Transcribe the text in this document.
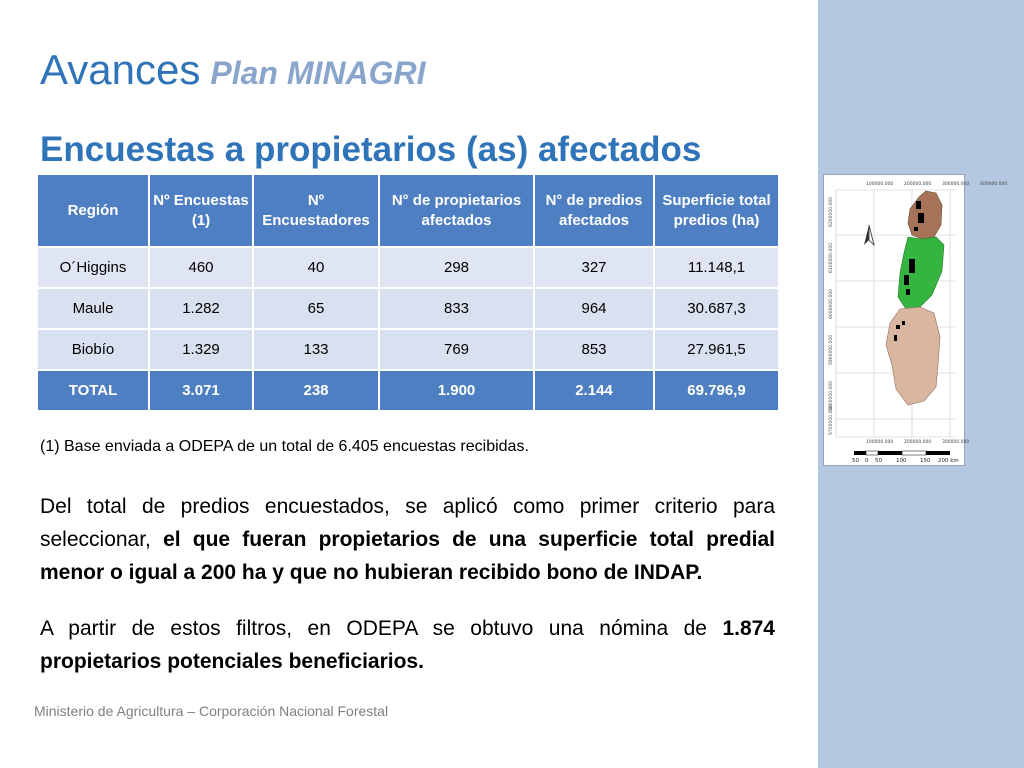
Avances Plan MINAGRI
Encuestas a propietarios (as) afectados
Región	Nº Encuestas (1)	Nº Encuestadores	N° de propietarios afectados	N° de predios afectados	Superficie total predios (ha)
O´Higgins	460	40	298	327	11.148,1
Maule	1.282	65	833	964	30.687,3
Biobío	1.329	133	769	853	27.961,5
TOTAL	3.071	238	1.900	2.144	69.796,9
(1) Base enviada a ODEPA de un total de 6.405 encuestas recibidas.

Del total de predios encuestados, se aplicó como primer criterio para seleccionar, el que fueran propietarios de una superficie total predial menor o igual a 200 ha y que no hubieran recibido bono de INDAP.

A partir de estos filtros, en ODEPA se obtuvo una nómina de 1.874 propietarios potenciales beneficiarios.

Ministerio de Agricultura – Corporación Nacional Forestal
100000.000 200000.000 300000.000 400000.000
100000.000 200000.000 300000.000
6200000.000
6100000.000
6000000.000
5900000.000
5800000.000
5700000.000
50 0 50	100 150 200 km
